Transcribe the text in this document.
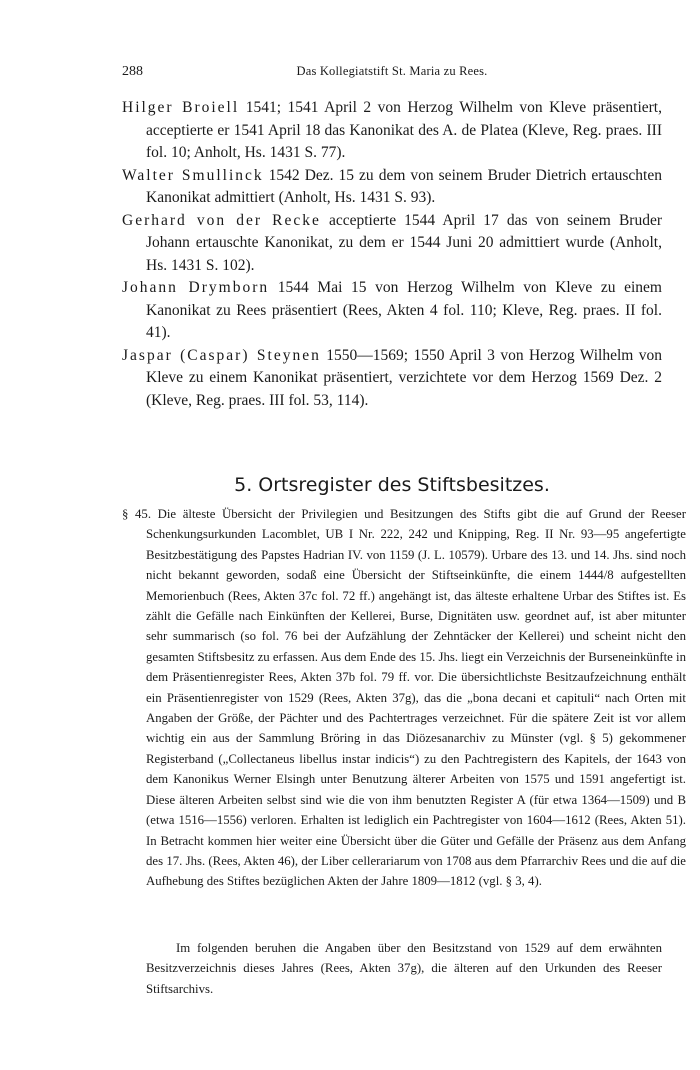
288	Das Kollegiatstift St. Maria zu Rees.

Hilger Broiell 1541; 1541 April 2 von Herzog Wilhelm von Kleve präsentiert, acceptierte er 1541 April 18 das Kanonikat des A. de Platea (Kleve, Reg. praes. III fol. 10; Anholt, Hs. 1431 S. 77).

Walter Smullinck 1542 Dez. 15 zu dem von seinem Bruder Dietrich ertauschten Kanonikat admittiert (Anholt, Hs. 1431 S. 93).

Gerhard von der Recke acceptierte 1544 April 17 das von seinem Bruder Johann ertauschte Kanonikat, zu dem er 1544 Juni 20 admittiert wurde (Anholt, Hs. 1431 S. 102).

Johann Drymborn 1544 Mai 15 von Herzog Wilhelm von Kleve zu einem Kanonikat zu Rees präsentiert (Rees, Akten 4 fol. 110; Kleve, Reg. praes. II fol. 41).

Jaspar (Caspar) Steynen 1550—1569; 1550 April 3 von Herzog Wilhelm von Kleve zu einem Kanonikat präsentiert, verzichtete vor dem Herzog 1569 Dez. 2 (Kleve, Reg. praes. III fol. 53, 114).

5. Ortsregister des Stiftsbesitzes.

§ 45. Die älteste Übersicht der Privilegien und Besitzungen des Stifts gibt die auf Grund der Reeser Schenkungsurkunden Lacomblet, UB I Nr. 222, 242 und Knipping, Reg. II Nr. 93—95 angefertigte Besitzbestätigung des Papstes Hadrian IV. von 1159 (J. L. 10579). Urbare des 13. und 14. Jhs. sind noch nicht bekannt geworden, sodaß eine Übersicht der Stiftseinkünfte, die einem 1444/8 aufgestellten Memorienbuch (Rees, Akten 37c fol. 72 ff.) angehängt ist, das älteste erhaltene Urbar des Stiftes ist. Es zählt die Gefälle nach Einkünften der Kellerei, Burse, Dignitäten usw. geordnet auf, ist aber mitunter sehr summarisch (so fol. 76 bei der Aufzählung der Zehntäcker der Kellerei) und scheint nicht den gesamten Stiftsbesitz zu erfassen. Aus dem Ende des 15. Jhs. liegt ein Verzeichnis der Burseneinkünfte in dem Präsentienregister Rees, Akten 37b fol. 79 ff. vor. Die übersichtlichste Besitzaufzeichnung enthält ein Präsentienregister von 1529 (Rees, Akten 37g), das die „bona decani et capituli“ nach Orten mit Angaben der Größe, der Pächter und des Pachtertrages verzeichnet. Für die spätere Zeit ist vor allem wichtig ein aus der Sammlung Bröring in das Diözesanarchiv zu Münster (vgl. § 5) gekommener Registerband („Collectaneus libellus instar indicis“) zu den Pachtregistern des Kapitels, der 1643 von dem Kanonikus Werner Elsingh unter Benutzung älterer Arbeiten von 1575 und 1591 angefertigt ist. Diese älteren Arbeiten selbst sind wie die von ihm benutzten Register A (für etwa 1364—1509) und B (etwa 1516—1556) verloren. Erhalten ist lediglich ein Pachtregister von 1604—1612 (Rees, Akten 51). In Betracht kommen hier weiter eine Übersicht über die Güter und Gefälle der Präsenz aus dem Anfang des 17. Jhs. (Rees, Akten 46), der Liber cellerariarum von 1708 aus dem Pfarrarchiv Rees und die auf die Aufhebung des Stiftes bezüglichen Akten der Jahre 1809—1812 (vgl. § 3, 4).

Im folgenden beruhen die Angaben über den Besitzstand von 1529 auf dem erwähnten Besitzverzeichnis dieses Jahres (Rees, Akten 37g), die älteren auf den Urkunden des Reeser Stiftsarchivs.
